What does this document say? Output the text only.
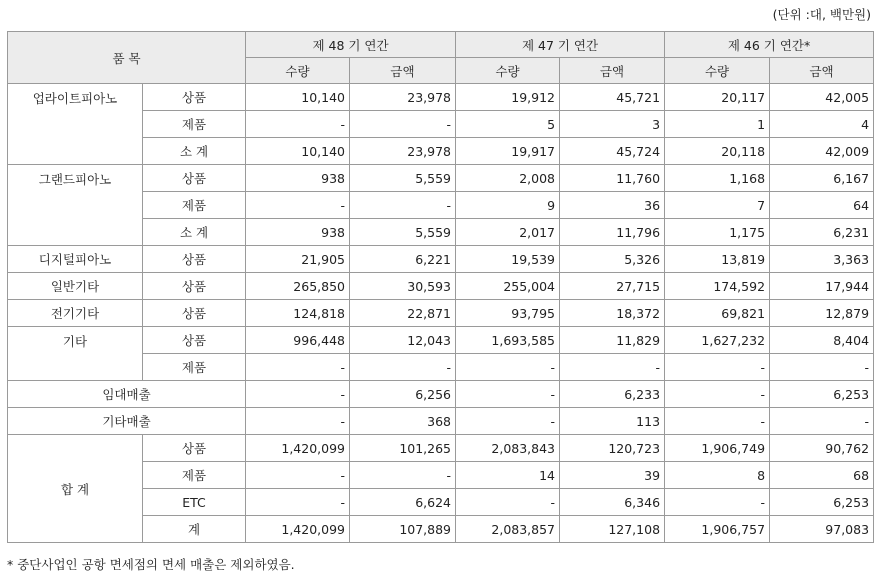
(단위 :대, 백만원)
품 목		제 48 기 연간		제 47 기 연간		제 46 기 연간*	
		수량	금액	수량	금액	수량	금액
업라이트피아노	상품	10,140	23,978	19,912	45,721	20,117	42,005
	제품	-	-	5	3	1	4
	소 계	10,140	23,978	19,917	45,724	20,118	42,009
그랜드피아노	상품	938	5,559	2,008	11,760	1,168	6,167
	제품	-	-	9	36	7	64
	소 계	938	5,559	2,017	11,796	1,175	6,231
디지털피아노	상품	21,905	6,221	19,539	5,326	13,819	3,363
일반기타	상품	265,850	30,593	255,004	27,715	174,592	17,944
전기기타	상품	124,818	22,871	93,795	18,372	69,821	12,879
기타	상품	996,448	12,043	1,693,585	11,829	1,627,232	8,404
	제품	-	-	-	-	-	-
임대매출		-	6,256	-	6,233	-	6,253
기타매출		-	368	-	113	-	-
합 계	상품	1,420,099	101,265	2,083,843	120,723	1,906,749	90,762
	제품	-	-	14	39	8	68
	ETC	-	6,624	-	6,346	-	6,253
	계	1,420,099	107,889	2,083,857	127,108	1,906,757	97,083
* 중단사업인 공항 면세점의 면세 매출은 제외하였음.
